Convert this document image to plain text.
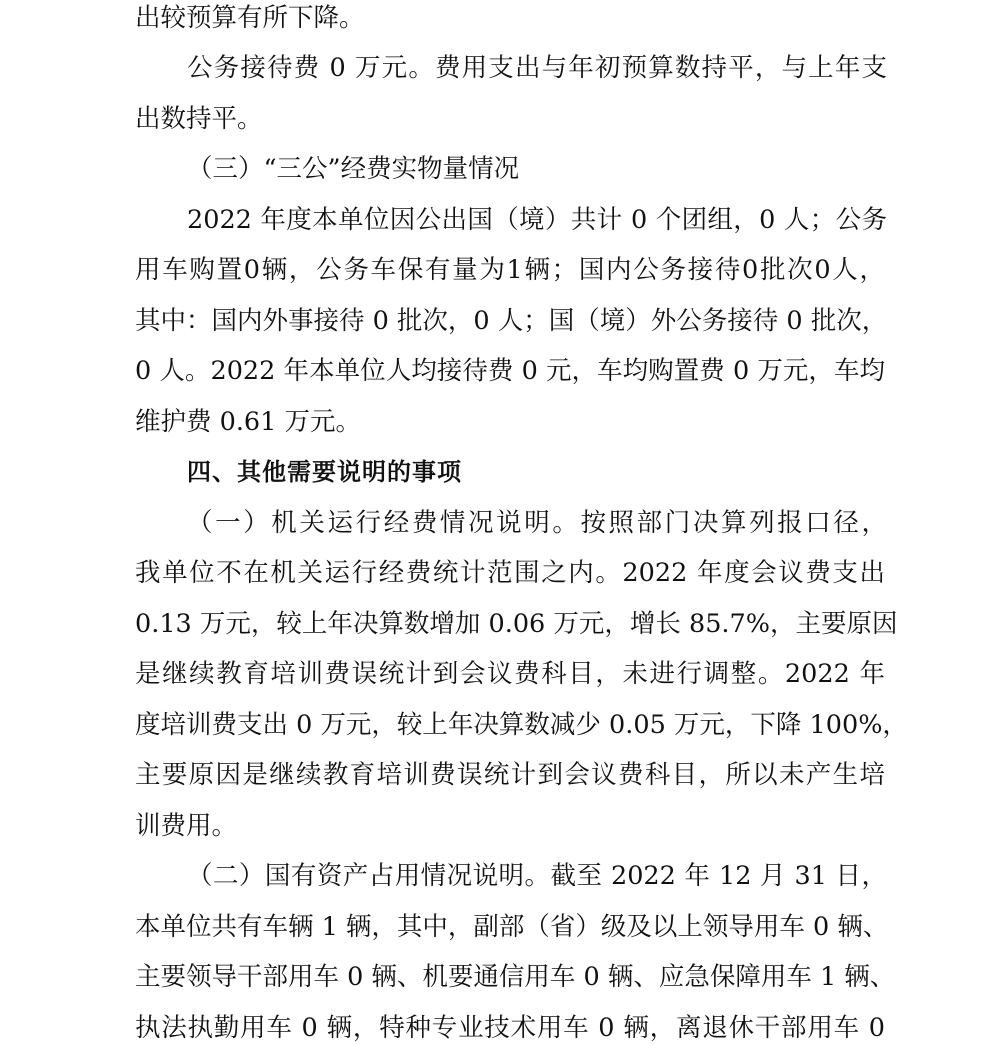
出较预算有所下降。
公务接待费 0 万元。费用支出与年初预算数持平，与上年支
出数持平。
（三）“三公”经费实物量情况
2022 年度本单位因公出国（境）共计 0 个团组，0 人；公务
用车购置0辆，公务车保有量为1辆；国内公务接待0批次0人，
其中：国内外事接待 0 批次，0 人；国（境）外公务接待 0 批次，
0 人。2022 年本单位人均接待费 0 元，车均购置费 0 万元，车均
维护费 0.61 万元。
四、其他需要说明的事项
（一）机关运行经费情况说明。按照部门决算列报口径，
我单位不在机关运行经费统计范围之内。2022 年度会议费支出
0.13 万元，较上年决算数增加 0.06 万元，增长 85.7%，主要原因
是继续教育培训费误统计到会议费科目，未进行调整。2022 年
度培训费支出 0 万元，较上年决算数减少 0.05 万元，下降 100%，
主要原因是继续教育培训费误统计到会议费科目，所以未产生培
训费用。
（二）国有资产占用情况说明。截至 2022 年 12 月 31 日，
本单位共有车辆 1 辆，其中，副部（省）级及以上领导用车 0 辆、
主要领导干部用车 0 辆、机要通信用车 0 辆、应急保障用车 1 辆、
执法执勤用车 0 辆，特种专业技术用车 0 辆，离退休干部用车 0
